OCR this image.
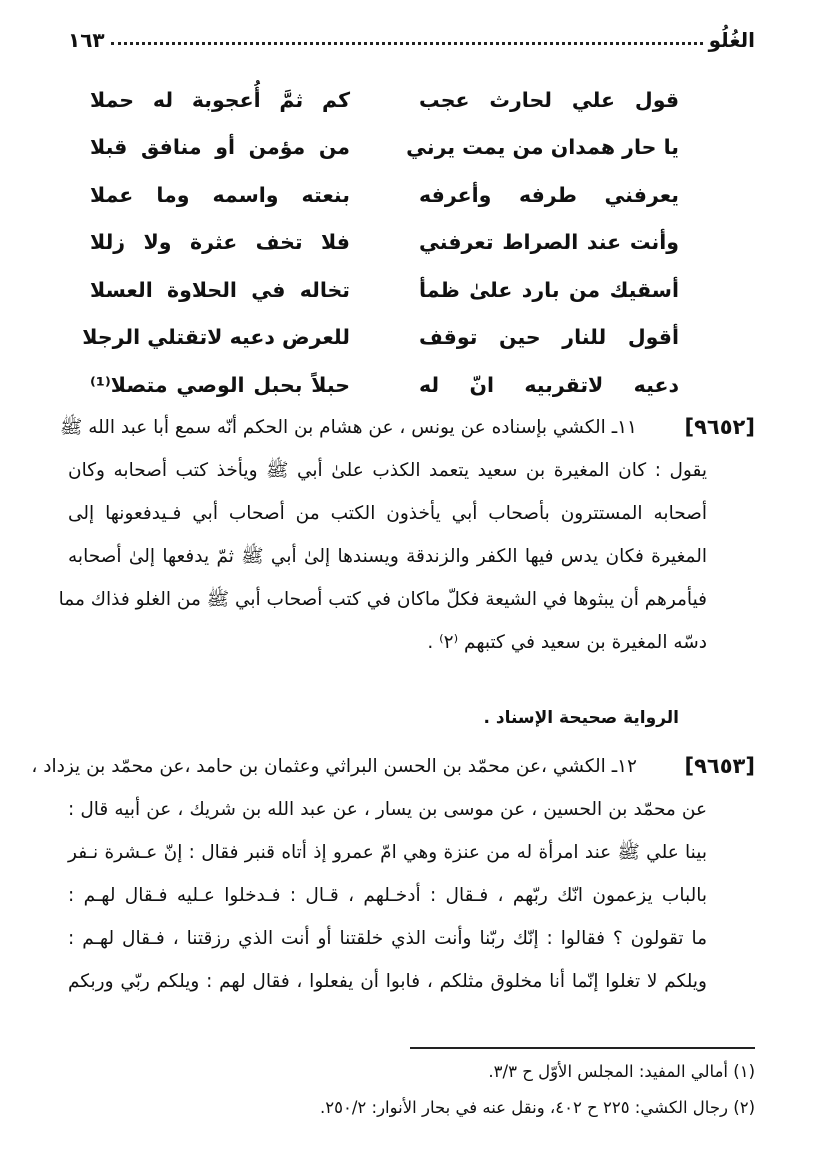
الغُلُو
١٦٣
قول علي لحارث عجب
كم ثمَّ أُعجوبة له حملا
يا حار همدان من يمت يرني
من مؤمن أو منافق قبلا
يعرفني طرفه وأعرفه
بنعته واسمه وما عملا
وأنت عند الصراط تعرفني
فلا تخف عثرة ولا زللا
أسقيك من بارد علىٰ ظمأ
تخاله في الحلاوة العسلا
أقول للنار حين توقف
للعرض دعيه لاتقتلي الرجلا
دعيه لاتقربيه انّ له
حبلاً بحبل الوصي متصلا⁽¹⁾
[٩٦٥٢]
١١ـ الكشي بإسناده عن يونس ، عن هشام بن الحكم أنّه سمع أبا عبد الله ﷺ
يقول : كان المغيرة بن سعيد يتعمد الكذب علىٰ أبي ﷺ ويأخذ كتب أصحابه وكان
أصحابه المستترون بأصحاب أبي يأخذون الكتب من أصحاب أبي فـيدفعونها إلى
المغيرة فكان يدس فيها الكفر والزندقة ويسندها إلىٰ أبي ﷺ ثمّ يدفعها إلىٰ أصحابه
فيأمرهم أن يبثوها في الشيعة فكلّ ماكان في كتب أصحاب أبي ﷺ من الغلو فذاك مما
دسّه المغيرة بن سعيد في كتبهم ⁽٢⁾ .
الرواية صحيحة الإسناد .
[٩٦٥٣]
١٢ـ الكشي ،عن محمّد بن الحسن البراثي وعثمان بن حامد ،عن محمّد بن يزداد ،
عن محمّد بن الحسين ، عن موسى بن يسار ، عن عبد الله بن شريك ، عن أبيه قال :
بينا علي ﷺ عند امرأة له من عنزة وهي امّ عمرو إذ أتاه قنبر فقال : إنّ عـشرة نـفر
بالباب يزعمون انّك ربّهم ، فـقال : أدخـلهم ، قـال : فـدخلوا عـليه فـقال لهـم :
ما تقولون ؟ فقالوا : إنّك ربّنا وأنت الذي خلقتنا أو أنت الذي رزقتنا ، فـقال لهـم :
ويلكم لا تغلوا إنّما أنا مخلوق مثلكم ، فابوا أن يفعلوا ، فقال لهم : ويلكم ربّي وربكم
(١) أمالي المفيد: المجلس الأوّل ح ٣/٣.
(٢) رجال الكشي: ٢٢٥ ح ٤٠٢، ونقل عنه في بحار الأنوار: ٢٥٠/٢.
